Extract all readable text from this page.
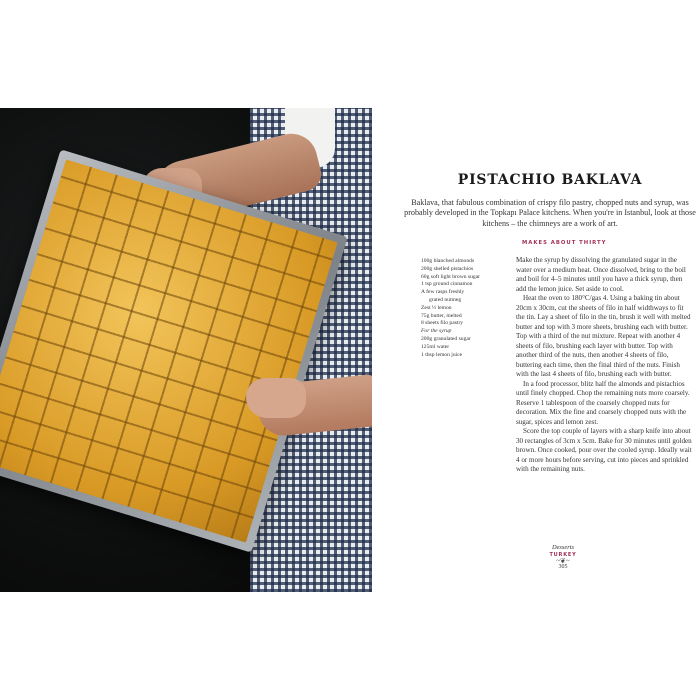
PISTACHIO BAKLAVA

Baklava, that fabulous combination of crispy filo pastry, chopped nuts and syrup, was probably developed in the Topkapı Palace kitchens. When you're in Istanbul, look at those kitchens – the chimneys are a work of art.

MAKES ABOUT THIRTY

100g blanched almonds
200g shelled pistachios
60g soft light brown sugar
1 tsp ground cinnamon
A few rasps freshly
grated nutmeg
Zest ½ lemon
75g butter, melted
8 sheets filo pastry
For the syrup
200g granulated sugar
125ml water
1 tbsp lemon juice

Make the syrup by dissolving the granulated sugar in the water over a medium heat. Once dissolved, bring to the boil and boil for 4–5 minutes until you have a thick syrup, then add the lemon juice. Set aside to cool.

Heat the oven to 180°C/gas 4. Using a baking tin about 20cm x 30cm, cut the sheets of filo in half widthways to fit the tin. Lay a sheet of filo in the tin, brush it well with melted butter and top with 3 more sheets, brushing each with butter. Top with a third of the nut mixture. Repeat with another 4 sheets of filo, brushing each layer with butter. Top with another third of the nuts, then another 4 sheets of filo, buttering each time, then the final third of the nuts. Finish with the last 4 sheets of filo, brushing each with butter.

In a food processor, blitz half the almonds and pistachios until finely chopped. Chop the remaining nuts more coarsely. Reserve 1 tablespoon of the coarsely chopped nuts for decoration. Mix the fine and coarsely chopped nuts with the sugar, spices and lemon zest.

Score the top couple of layers with a sharp knife into about 30 rectangles of 3cm x 5cm. Bake for 30 minutes until golden brown. Once cooked, pour over the cooled syrup. Ideally wait 4 or more hours before serving, cut into pieces and sprinkled with the remaining nuts.

Desserts
TURKEY
~❦~
305
